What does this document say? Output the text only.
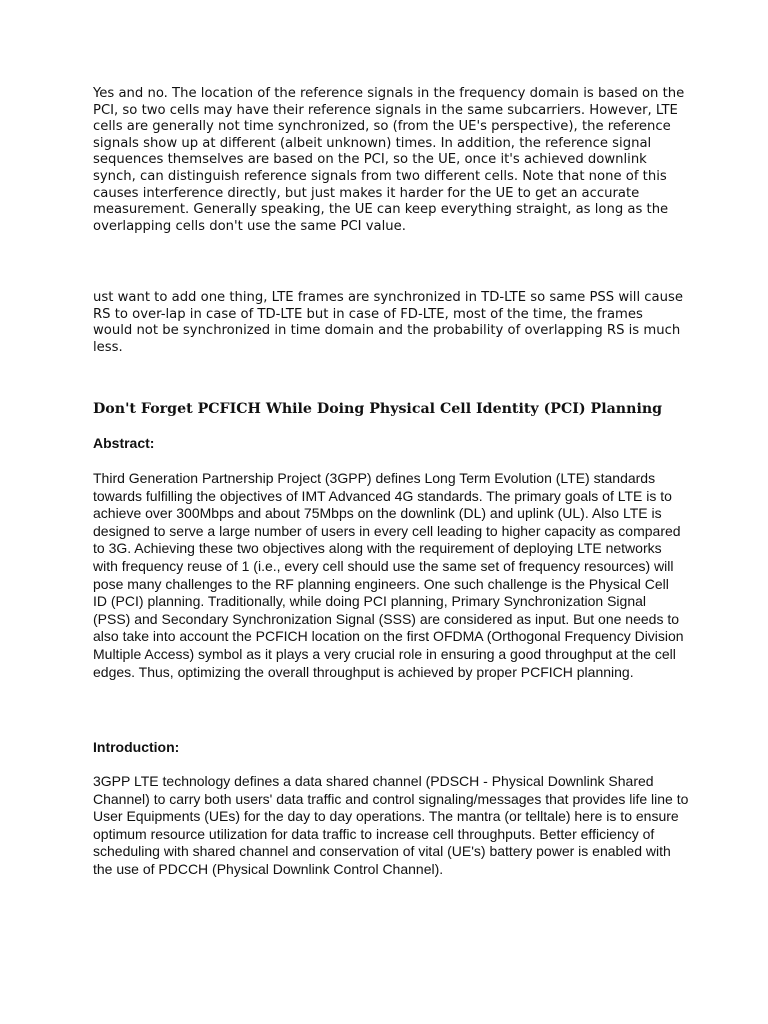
Yes and no. The location of the reference signals in the frequency domain is based on the PCI, so two cells may have their reference signals in the same subcarriers. However, LTE cells are generally not time synchronized, so (from the UE's perspective), the reference signals show up at different (albeit unknown) times. In addition, the reference signal sequences themselves are based on the PCI, so the UE, once it's achieved downlink synch, can distinguish reference signals from two different cells. Note that none of this causes interference directly, but just makes it harder for the UE to get an accurate measurement. Generally speaking, the UE can keep everything straight, as long as the overlapping cells don't use the same PCI value.

ust want to add one thing, LTE frames are synchronized in TD-LTE so same PSS will cause RS to over-lap in case of TD-LTE but in case of FD-LTE, most of the time, the frames would not be synchronized in time domain and the probability of overlapping RS is much less.

Don't Forget PCFICH While Doing Physical Cell Identity (PCI) Planning
Abstract:

Third Generation Partnership Project (3GPP) defines Long Term Evolution (LTE) standards towards fulfilling the objectives of IMT Advanced 4G standards. The primary goals of LTE is to achieve over 300Mbps and about 75Mbps on the downlink (DL) and uplink (UL). Also LTE is designed to serve a large number of users in every cell leading to higher capacity as compared to 3G. Achieving these two objectives along with the requirement of deploying LTE networks with frequency reuse of 1 (i.e., every cell should use the same set of frequency resources) will pose many challenges to the RF planning engineers. One such challenge is the Physical Cell ID (PCI) planning. Traditionally, while doing PCI planning, Primary Synchronization Signal (PSS) and Secondary Synchronization Signal (SSS) are considered as input. But one needs to also take into account the PCFICH location on the first OFDMA (Orthogonal Frequency Division Multiple Access) symbol as it plays a very crucial role in ensuring a good throughput at the cell edges. Thus, optimizing the overall throughput is achieved by proper PCFICH planning.

Introduction:

3GPP LTE technology defines a data shared channel (PDSCH - Physical Downlink Shared Channel) to carry both users' data traffic and control signaling/messages that provides life line to User Equipments (UEs) for the day to day operations. The mantra (or telltale) here is to ensure optimum resource utilization for data traffic to increase cell throughputs. Better efficiency of scheduling with shared channel and conservation of vital (UE's) battery power is enabled with the use of PDCCH (Physical Downlink Control Channel).
